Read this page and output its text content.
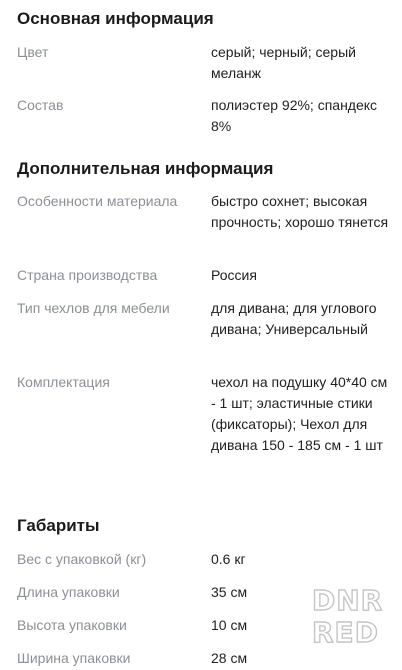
Основная информация
Цвет	серый; черный; серый меланж
Состав	полиэстер 92%; спандекс 8%
Дополнительная информация
Особенности материала	быстро сохнет; высокая прочность; хорошо тянется
Страна производства	Россия
Тип чехлов для мебели	для дивана; для углового дивана; Универсальный
Комплектация	чехол на подушку 40*40 см - 1 шт; эластичные стики (фиксаторы); Чехол для дивана 150 - 185 см - 1 шт
Габариты
Вес с упаковкой (кг)	0.6 кг
Длина упаковки	35 см
Высота упаковки	10 см
Ширина упаковки	28 см
DNR
RED
